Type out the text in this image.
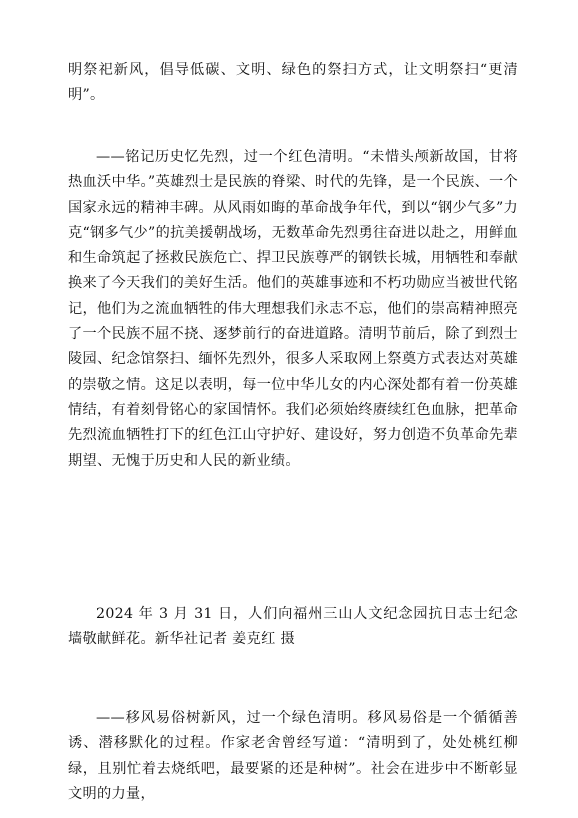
明祭祀新风，倡导低碳、文明、绿色的祭扫方式，让文明祭扫“更清明”。

——铭记历史忆先烈，过一个红色清明。“未惜头颅新故国，甘将热血沃中华。”英雄烈士是民族的脊梁、时代的先锋，是一个民族、一个国家永远的精神丰碑。从风雨如晦的革命战争年代，到以“钢少气多”力克“钢多气少”的抗美援朝战场，无数革命先烈勇往奋进以赴之，用鲜血和生命筑起了拯救民族危亡、捍卫民族尊严的钢铁长城，用牺牲和奉献换来了今天我们的美好生活。他们的英雄事迹和不朽功勋应当被世代铭记，他们为之流血牺牲的伟大理想我们永志不忘，他们的崇高精神照亮了一个民族不屈不挠、逐梦前行的奋进道路。清明节前后，除了到烈士陵园、纪念馆祭扫、缅怀先烈外，很多人采取网上祭奠方式表达对英雄的崇敬之情。这足以表明，每一位中华儿女的内心深处都有着一份英雄情结，有着刻骨铭心的家国情怀。我们必须始终赓续红色血脉，把革命先烈流血牺牲打下的红色江山守护好、建设好，努力创造不负革命先辈期望、无愧于历史和人民的新业绩。

2024 年 3 月 31 日，人们向福州三山人文纪念园抗日志士纪念墙敬献鲜花。新华社记者 姜克红 摄

——移风易俗树新风，过一个绿色清明。移风易俗是一个循循善诱、潜移默化的过程。作家老舍曾经写道：“清明到了，处处桃红柳绿，且别忙着去烧纸吧，最要紧的还是种树”。社会在进步中不断彰显文明的力量，
